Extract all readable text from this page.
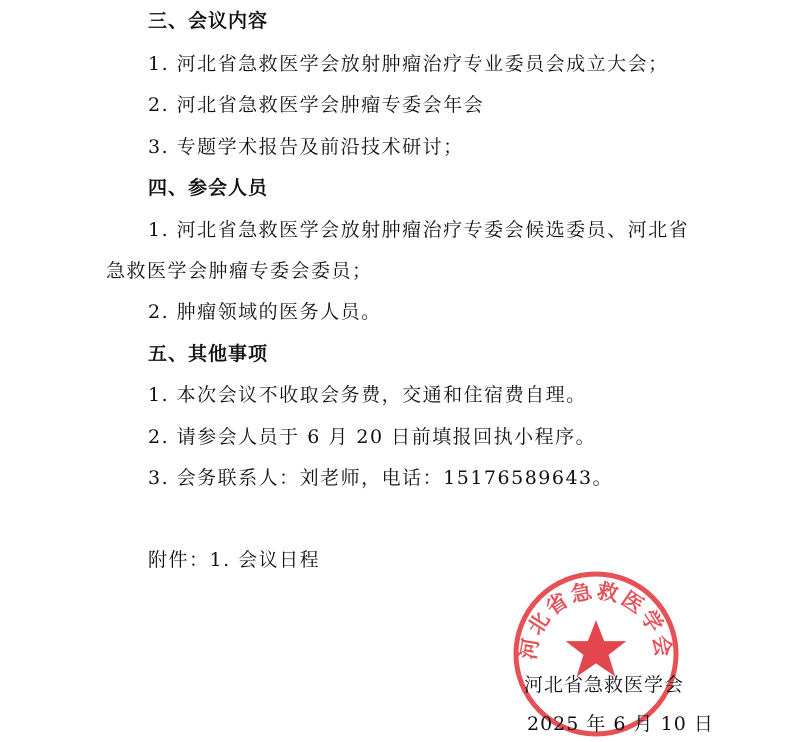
三、会议内容
1. 河北省急救医学会放射肿瘤治疗专业委员会成立大会；
2. 河北省急救医学会肿瘤专委会年会
3. 专题学术报告及前沿技术研讨；
四、参会人员
1. 河北省急救医学会放射肿瘤治疗专委会候选委员、河北省
急救医学会肿瘤专委会委员；
2. 肿瘤领域的医务人员。
五、其他事项
1. 本次会议不收取会务费，交通和住宿费自理。
2. 请参会人员于 6 月 20 日前填报回执小程序。
3. 会务联系人：刘老师，电话：15176589643。
附件：1. 会议日程
河北省急救医学会
河北省急救医学会
2025 年 6 月 10 日
